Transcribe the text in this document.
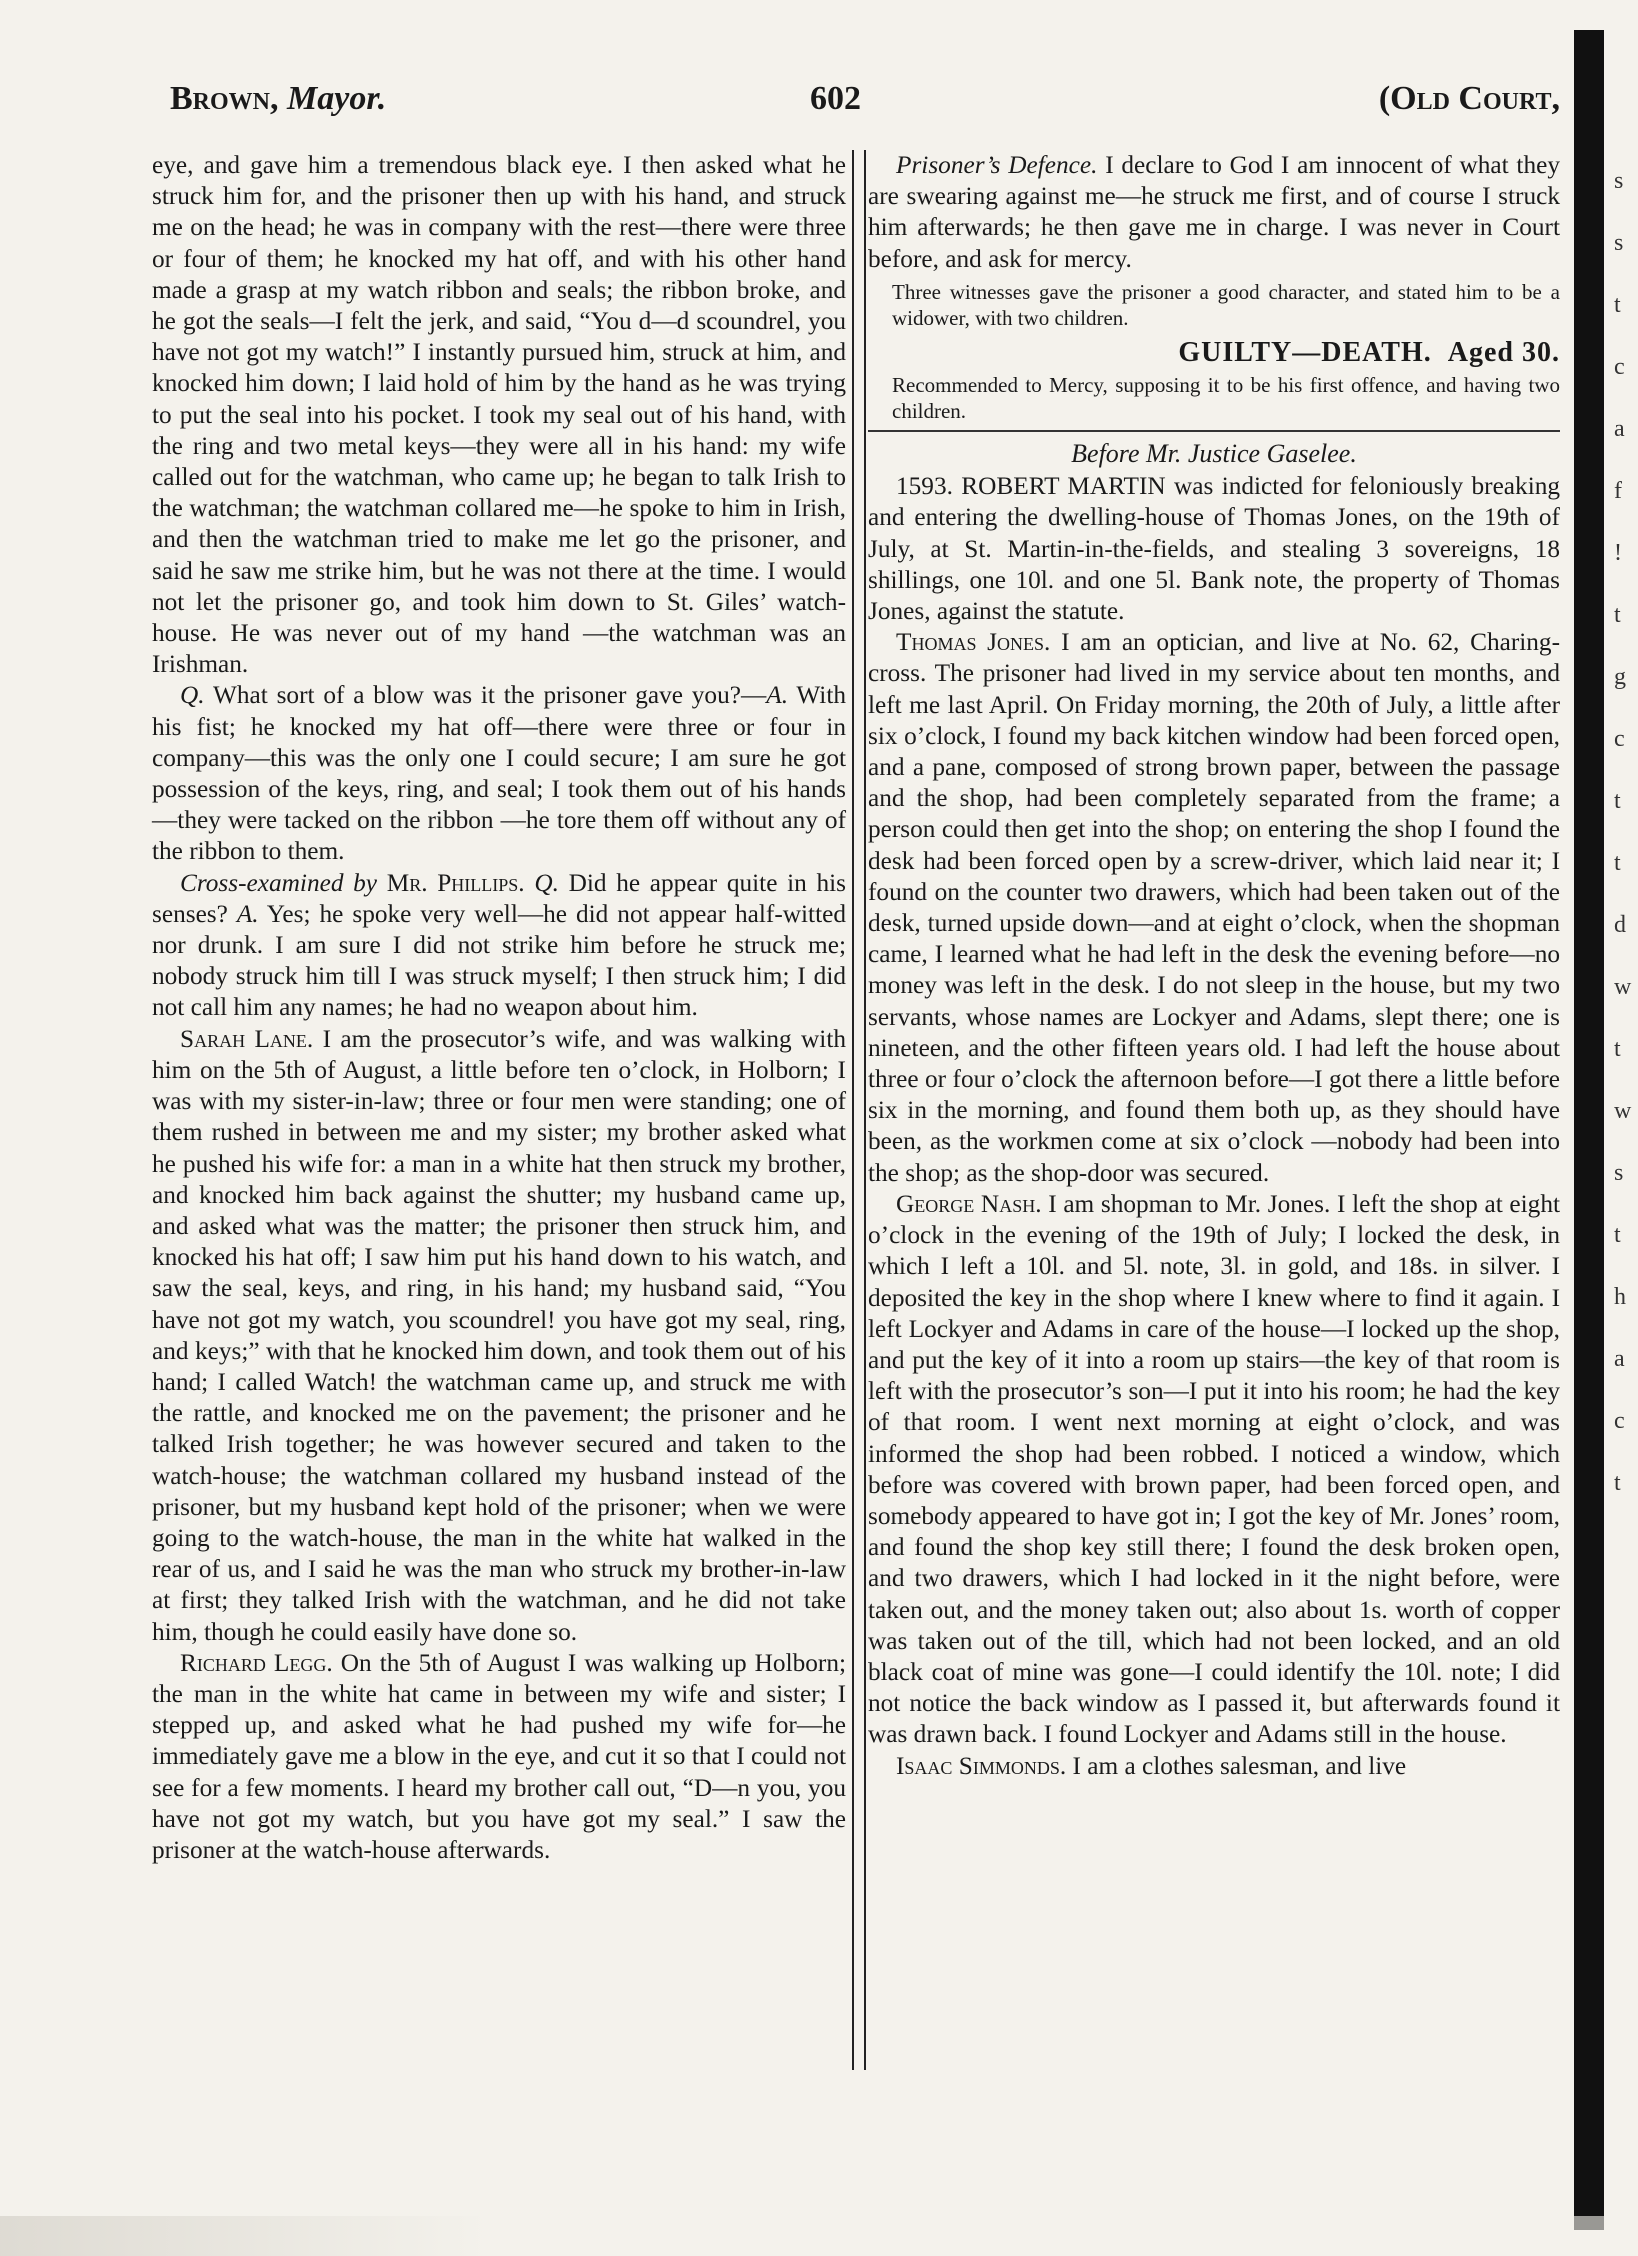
Brown, Mayor.	602	(Old Court,

eye, and gave him a tremendous black eye. I then asked what he struck him for, and the prisoner then up with his hand, and struck me on the head; he was in company with the rest—there were three or four of them; he knocked my hat off, and with his other hand made a grasp at my watch ribbon and seals; the ribbon broke, and he got the seals—I felt the jerk, and said, “You d—d scoundrel, you have not got my watch!” I instantly pursued him, struck at him, and knocked him down; I laid hold of him by the hand as he was trying to put the seal into his pocket. I took my seal out of his hand, with the ring and two metal keys—they were all in his hand: my wife called out for the watchman, who came up; he began to talk Irish to the watchman; the watchman collared me—he spoke to him in Irish, and then the watchman tried to make me let go the prisoner, and said he saw me strike him, but he was not there at the time. I would not let the prisoner go, and took him down to St. Giles’ watch-house. He was never out of my hand —the watchman was an Irishman.

Q. What sort of a blow was it the prisoner gave you?—A. With his fist; he knocked my hat off—there were three or four in company—this was the only one I could secure; I am sure he got possession of the keys, ring, and seal; I took them out of his hands—they were tacked on the ribbon —he tore them off without any of the ribbon to them.

Cross-examined by Mr. Phillips. Q. Did he appear quite in his senses? A. Yes; he spoke very well—he did not appear half-witted nor drunk. I am sure I did not strike him before he struck me; nobody struck him till I was struck myself; I then struck him; I did not call him any names; he had no weapon about him.

Sarah Lane. I am the prosecutor’s wife, and was walking with him on the 5th of August, a little before ten o’clock, in Holborn; I was with my sister-in-law; three or four men were standing; one of them rushed in between me and my sister; my brother asked what he pushed his wife for: a man in a white hat then struck my brother, and knocked him back against the shutter; my husband came up, and asked what was the matter; the prisoner then struck him, and knocked his hat off; I saw him put his hand down to his watch, and saw the seal, keys, and ring, in his hand; my husband said, “You have not got my watch, you scoundrel! you have got my seal, ring, and keys;” with that he knocked him down, and took them out of his hand; I called Watch! the watchman came up, and struck me with the rattle, and knocked me on the pavement; the prisoner and he talked Irish together; he was however secured and taken to the watch-house; the watchman collared my husband instead of the prisoner, but my husband kept hold of the prisoner; when we were going to the watch-house, the man in the white hat walked in the rear of us, and I said he was the man who struck my brother-in-law at first; they talked Irish with the watchman, and he did not take him, though he could easily have done so.

Richard Legg. On the 5th of August I was walking up Holborn; the man in the white hat came in between my wife and sister; I stepped up, and asked what he had pushed my wife for—he immediately gave me a blow in the eye, and cut it so that I could not see for a few moments. I heard my brother call out, “D—n you, you have not got my watch, but you have got my seal.” I saw the prisoner at the watch-house afterwards.

Prisoner’s Defence. I declare to God I am innocent of what they are swearing against me—he struck me first, and of course I struck him afterwards; he then gave me in charge. I was never in Court before, and ask for mercy.

Three witnesses gave the prisoner a good character, and stated him to be a widower, with two children.

GUILTY—DEATH. Aged 30.

Recommended to Mercy, supposing it to be his first offence, and having two children.

Before Mr. Justice Gaselee.

1593. ROBERT MARTIN was indicted for feloniously breaking and entering the dwelling-house of Thomas Jones, on the 19th of July, at St. Martin-in-the-fields, and stealing 3 sovereigns, 18 shillings, one 10l. and one 5l. Bank note, the property of Thomas Jones, against the statute.

Thomas Jones. I am an optician, and live at No. 62, Charing-cross. The prisoner had lived in my service about ten months, and left me last April. On Friday morning, the 20th of July, a little after six o’clock, I found my back kitchen window had been forced open, and a pane, composed of strong brown paper, between the passage and the shop, had been completely separated from the frame; a person could then get into the shop; on entering the shop I found the desk had been forced open by a screw-driver, which laid near it; I found on the counter two drawers, which had been taken out of the desk, turned upside down—and at eight o’clock, when the shopman came, I learned what he had left in the desk the evening before—no money was left in the desk. I do not sleep in the house, but my two servants, whose names are Lockyer and Adams, slept there; one is nineteen, and the other fifteen years old. I had left the house about three or four o’clock the afternoon before—I got there a little before six in the morning, and found them both up, as they should have been, as the workmen come at six o’clock —nobody had been into the shop; as the shop-door was secured.

George Nash. I am shopman to Mr. Jones. I left the shop at eight o’clock in the evening of the 19th of July; I locked the desk, in which I left a 10l. and 5l. note, 3l. in gold, and 18s. in silver. I deposited the key in the shop where I knew where to find it again. I left Lockyer and Adams in care of the house—I locked up the shop, and put the key of it into a room up stairs—the key of that room is left with the prosecutor’s son—I put it into his room; he had the key of that room. I went next morning at eight o’clock, and was informed the shop had been robbed. I noticed a window, which before was covered with brown paper, had been forced open, and somebody appeared to have got in; I got the key of Mr. Jones’ room, and found the shop key still there; I found the desk broken open, and two drawers, which I had locked in it the night before, were taken out, and the money taken out; also about 1s. worth of copper was taken out of the till, which had not been locked, and an old black coat of mine was gone—I could identify the 10l. note; I did not notice the back window as I passed it, but afterwards found it was drawn back. I found Lockyer and Adams still in the house.

Isaac Simmonds. I am a clothes salesman, and live

s
s
t
c
a
f
!
t
g
c
t
t
d
w
t
w
s
t
h
a
c
t
